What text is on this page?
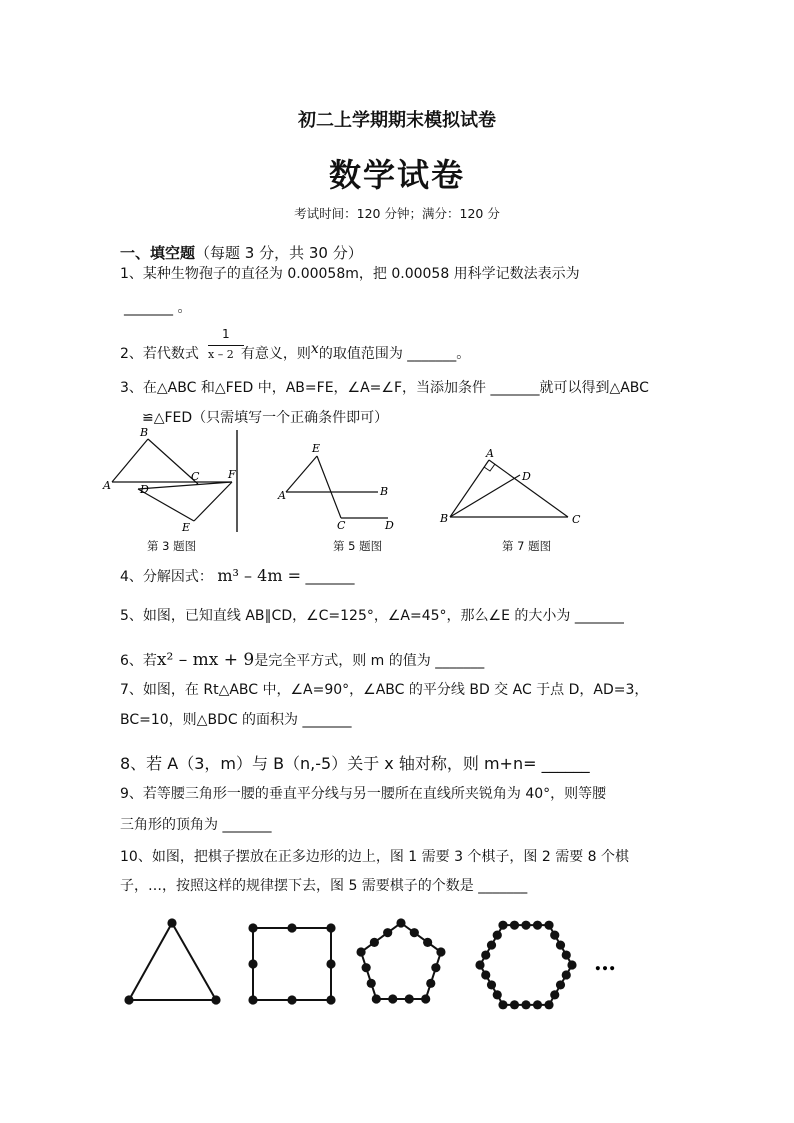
初二上学期期末模拟试卷
数学试卷
考试时间：120 分钟；满分：120 分
一、填空题（每题 3 分，共 30 分）
1、某种生物孢子的直径为 0.00058m，把 0.00058 用科学记数法表示为
_______ 。
2、若代数式	有意义，则x的取值范围为 _______。
1
x – 2
3、在△ABC 和△FED 中，AB=FE，∠A=∠F，当添加条件 _______就可以得到△ABC
≌△FED（只需填写一个正确条件即可）
A
B
C
D
E
F
A	B
C	D
E	A
B	C
D
第 3 题图	第 5 题图	第 7 题图
4、分解因式： m³ – 4m = _______
5、如图，已知直线 AB∥CD，∠C=125°，∠A=45°，那么∠E 的大小为 _______
6、若x² – mx + 9是完全平方式，则 m 的值为 _______
7、如图，在 Rt△ABC 中，∠A=90°，∠ABC 的平分线 BD 交 AC 于点 D，AD=3，
BC=10，则△BDC 的面积为 _______
8、若 A（3，m）与 B（n,-5）关于 x 轴对称，则 m+n= ______
9、若等腰三角形一腰的垂直平分线与另一腰所在直线所夹锐角为 40°，则等腰
三角形的顶角为 _______
10、如图，把棋子摆放在正多边形的边上，图 1 需要 3 个棋子，图 2 需要 8 个棋
子，…，按照这样的规律摆下去，图 5 需要棋子的个数是 _______
…
